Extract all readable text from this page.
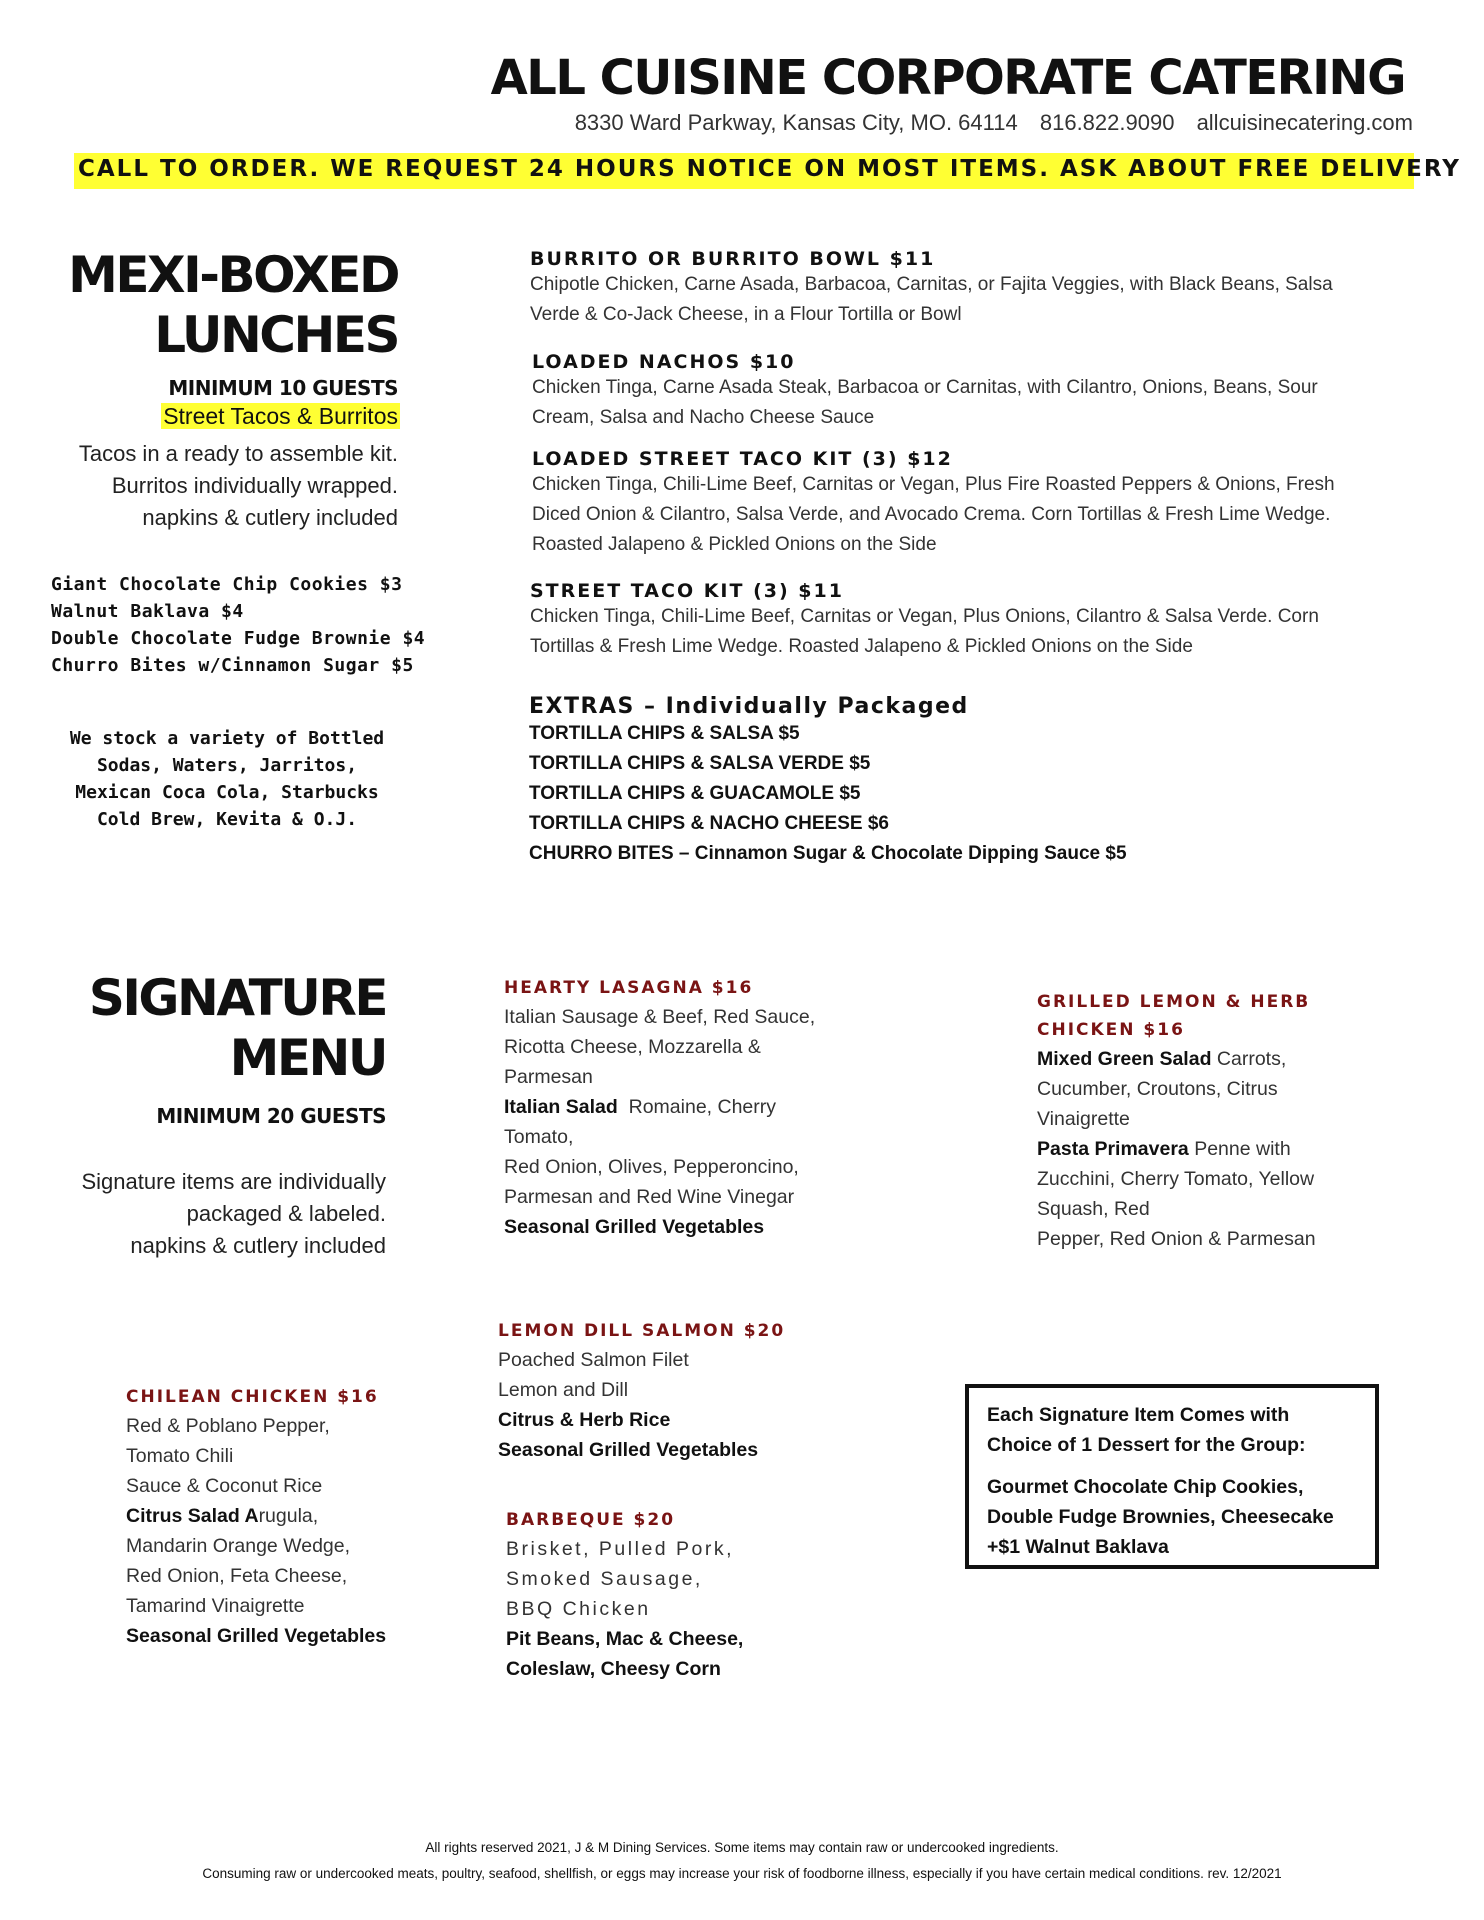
ALL CUISINE CORPORATE CATERING
8330 Ward Parkway, Kansas City, MO. 64114 816.822.9090 allcuisinecatering.com
CALL TO ORDER. WE REQUEST 24 HOURS NOTICE ON MOST ITEMS. ASK ABOUT FREE DELIVERY
MEXI-BOXED
LUNCHES
MINIMUM 10 GUESTS
Street Tacos & Burritos
Tacos in a ready to assemble kit.
Burritos individually wrapped.
napkins & cutlery included
Giant Chocolate Chip Cookies $3
Walnut Baklava $4
Double Chocolate Fudge Brownie $4
Churro Bites w/Cinnamon Sugar $5
We stock a variety of Bottled
Sodas, Waters, Jarritos,
Mexican Coca Cola, Starbucks
Cold Brew, Kevita & O.J.
BURRITO OR BURRITO BOWL $11
Chipotle Chicken, Carne Asada, Barbacoa, Carnitas, or Fajita Veggies, with Black Beans, Salsa
Verde & Co-Jack Cheese, in a Flour Tortilla or Bowl
LOADED NACHOS $10
Chicken Tinga, Carne Asada Steak, Barbacoa or Carnitas, with Cilantro, Onions, Beans, Sour
Cream, Salsa and Nacho Cheese Sauce
LOADED STREET TACO KIT (3) $12
Chicken Tinga, Chili-Lime Beef, Carnitas or Vegan, Plus Fire Roasted Peppers & Onions, Fresh
Diced Onion & Cilantro, Salsa Verde, and Avocado Crema. Corn Tortillas & Fresh Lime Wedge.
Roasted Jalapeno & Pickled Onions on the Side
STREET TACO KIT (3) $11
Chicken Tinga, Chili-Lime Beef, Carnitas or Vegan, Plus Onions, Cilantro & Salsa Verde. Corn
Tortillas & Fresh Lime Wedge. Roasted Jalapeno & Pickled Onions on the Side
EXTRAS – Individually Packaged
TORTILLA CHIPS & SALSA $5
TORTILLA CHIPS & SALSA VERDE $5
TORTILLA CHIPS & GUACAMOLE $5
TORTILLA CHIPS & NACHO CHEESE $6
CHURRO BITES – Cinnamon Sugar & Chocolate Dipping Sauce $5
SIGNATURE
MENU
MINIMUM 20 GUESTS
Signature items are individually
packaged & labeled.
napkins & cutlery included
HEARTY LASAGNA $16
Italian Sausage & Beef, Red Sauce,
Ricotta Cheese, Mozzarella &
Parmesan
Italian Salad  Romaine, Cherry
Tomato,
Red Onion, Olives, Pepperoncino,
Parmesan and Red Wine Vinegar
Seasonal Grilled Vegetables
GRILLED LEMON & HERB
CHICKEN $16
Mixed Green Salad Carrots,
Cucumber, Croutons, Citrus
Vinaigrette
Pasta Primavera Penne with
Zucchini, Cherry Tomato, Yellow
Squash, Red
Pepper, Red Onion & Parmesan
LEMON DILL SALMON $20
Poached Salmon Filet
Lemon and Dill
Citrus & Herb Rice
Seasonal Grilled Vegetables
CHILEAN CHICKEN $16
Red & Poblano Pepper,
Tomato Chili
Sauce & Coconut Rice
Citrus Salad Arugula,
Mandarin Orange Wedge,
Red Onion, Feta Cheese,
Tamarind Vinaigrette
Seasonal Grilled Vegetables
BARBEQUE $20
Brisket, Pulled Pork,
Smoked Sausage,
BBQ Chicken
Pit Beans, Mac & Cheese,
Coleslaw, Cheesy Corn
Each Signature Item Comes with
Choice of 1 Dessert for the Group:
Gourmet Chocolate Chip Cookies,
Double Fudge Brownies, Cheesecake
+$1 Walnut Baklava
All rights reserved 2021, J & M Dining Services. Some items may contain raw or undercooked ingredients.
Consuming raw or undercooked meats, poultry, seafood, shellfish, or eggs may increase your risk of foodborne illness, especially if you have certain medical conditions. rev. 12/2021
